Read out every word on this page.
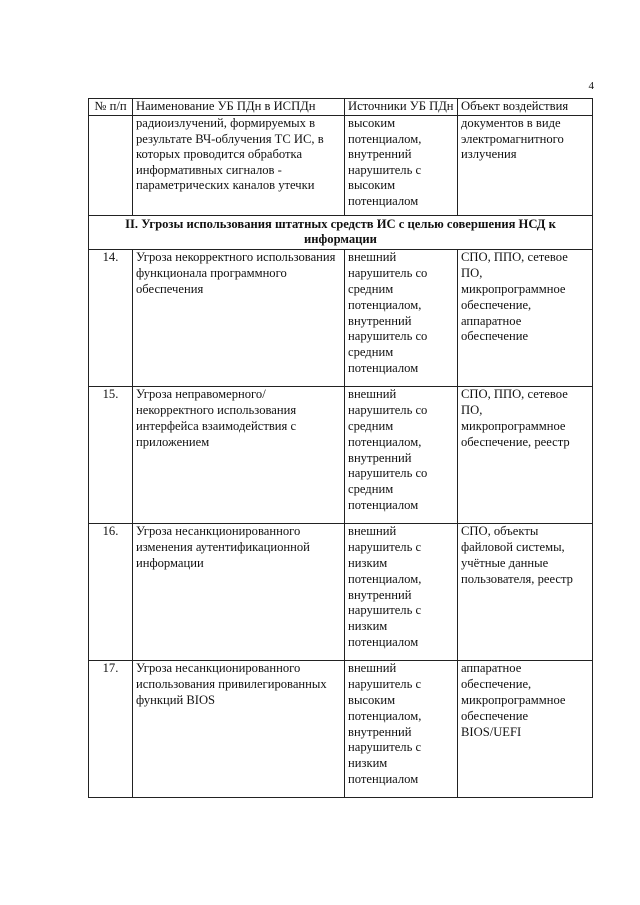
4
№ п/п	Наименование УБ ПДн в ИСПДн	Источники УБ ПДн	Объект воздействия
	радиоизлучений, формируемых в результате ВЧ-облучения ТС ИС, в которых проводится обработка информативных сигналов - параметрических каналов утечки	высоким потенциалом, внутренний нарушитель с высоким потенциалом	документов в виде электромагнитного излучения
II. Угрозы использования штатных средств ИС с целью совершения НСД к информации			
14.	Угроза некорректного использования функционала программного обеспечения	внешний нарушитель со средним потенциалом, внутренний нарушитель со средним потенциалом	СПО, ППО, сетевое ПО, микропрограммное обеспечение, аппаратное обеспечение
15.	Угроза неправомерного/некорректного использования интерфейса взаимодействия с приложением	внешний нарушитель со средним потенциалом, внутренний нарушитель со средним потенциалом	СПО, ППО, сетевое ПО, микропрограммное обеспечение, реестр
16.	Угроза несанкционированного изменения аутентификационной информации	внешний нарушитель с низким потенциалом, внутренний нарушитель с низким потенциалом	СПО, объекты файловой системы, учётные данные пользователя, реестр
17.	Угроза несанкционированного использования привилегированных функций BIOS	внешний нарушитель с высоким потенциалом, внутренний нарушитель с низким потенциалом	аппаратное обеспечение, микропрограммное обеспечение BIOS/UEFI
